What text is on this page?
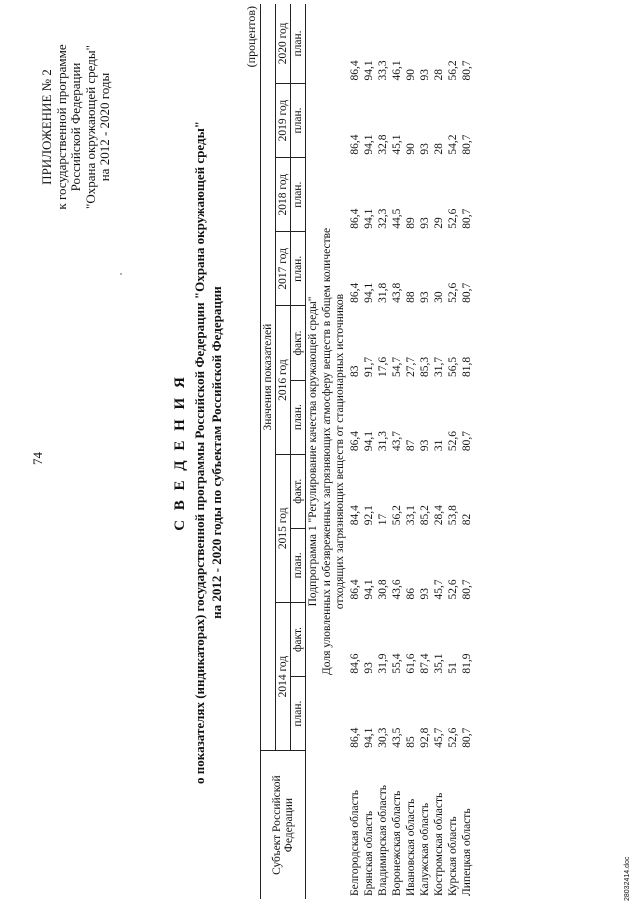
74
ПРИЛОЖЕНИЕ № 2 к государственной программе Российской Федерации "Охрана окружающей среды" на 2012 - 2020 годы
С В Е Д Е Н И Я о показателях (индикаторах) государственной программы Российской Федерации "Охрана окружающей среды" на 2012 - 2020 годы по субъектам Российской Федерации
(процентов)
Субъект Российской Федерации	Значения показателей									
	2014 год		2015 год		2016 год		2017 год	2018 год	2019 год	2020 год
	план.	факт.	план.	факт.	план.	факт.	план.	план.	план.	план.
Подпрограмма 1 "Регулирование качества окружающей среды"										

Доля уловленных и обезвреженных загрязняющих атмосферу веществ в общем количестве отходящих загрязняющих веществ от стационарных источников										

Белгородская область	86,4	84,6	86,4	84,4	86,4	83	86,4	86,4	86,4	86,4
Брянская область	94,1	93	94,1	92,1	94,1	91,7	94,1	94,1	94,1	94,1
Владимирская область	30,3	31,9	30,8	17	31,3	17,6	31,8	32,3	32,8	33,3
Воронежская область	43,5	55,4	43,6	56,2	43,7	54,7	43,8	44,5	45,1	46,1
Ивановская область	85	61,6	86	33,1	87	27,7	88	89	90	90
Калужская область	92,8	87,4	93	85,2	93	85,3	93	93	93	93
Костромская область	45,7	35,1	45,7	28,4	31	31,7	30	29	28	28
Курская область	52,6	51	52,6	53,8	52,6	56,5	52,6	52,6	54,2	56,2
Липецкая область	80,7	81,9	80,7	82	80,7	81,8	80,7	80,7	80,7	80,7
28032414.doc
